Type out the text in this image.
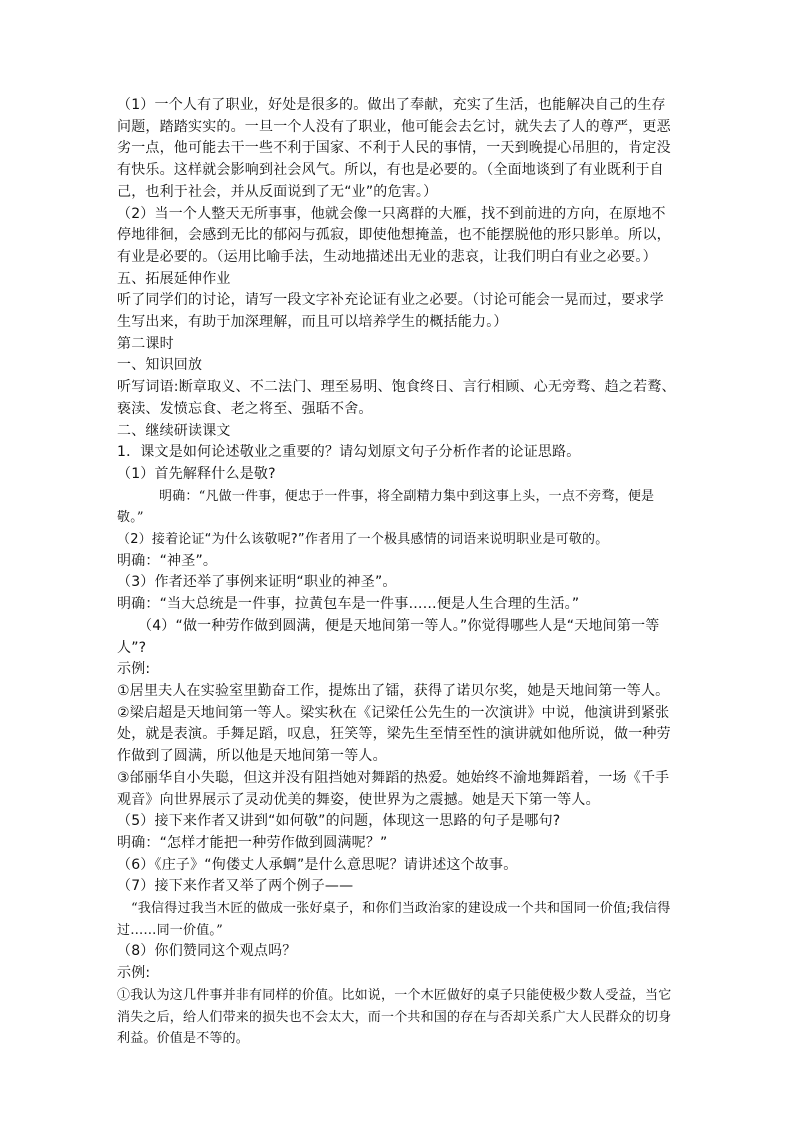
（1）一个人有了职业，好处是很多的。做出了奉献，充实了生活，也能解决自己的生存问题，踏踏实实的。一旦一个人没有了职业，他可能会去乞讨，就失去了人的尊严，更恶劣一点，他可能去干一些不利于国家、不利于人民的事情，一天到晚提心吊胆的，肯定没有快乐。这样就会影响到社会风气。所以，有也是必要的。（全面地谈到了有业既利于自己，也利于社会，并从反面说到了无“业”的危害。）

（2）当一个人整天无所事事，他就会像一只离群的大雁，找不到前进的方向，在原地不停地徘徊，会感到无比的郁闷与孤寂，即使他想掩盖，也不能摆脱他的形只影单。所以，有业是必要的。（运用比喻手法，生动地描述出无业的悲哀，让我们明白有业之必要。）

五、拓展延伸作业

听了同学们的讨论，请写一段文字补充论证有业之必要。（讨论可能会一晃而过，要求学生写出来，有助于加深理解，而且可以培养学生的概括能力。）

第二课时

一、知识回放

听写词语:断章取义、不二法门、理至易明、饱食终日、言行相顾、心无旁骛、趋之若鹜、亵渎、发愤忘食、老之将至、强聒不舍。

二、继续研读课文

1．课文是如何论述敬业之重要的？请勾划原文句子分析作者的论证思路。

（1）首先解释什么是敬?

明确：“凡做一件事，便忠于一件事，将全副精力集中到这事上头，一点不旁骛，便是敬。”

（2）接着论证“为什么该敬呢?”作者用了一个极具感情的词语来说明职业是可敬的。

明确：“神圣”。

（3）作者还举了事例来证明“职业的神圣”。

明确：“当大总统是一件事，拉黄包车是一件事……便是人生合理的生活。”

（4）“做一种劳作做到圆满，便是天地间第一等人。”你觉得哪些人是“天地间第一等人”?

示例:

①居里夫人在实验室里勤奋工作，提炼出了镭，获得了诺贝尔奖，她是天地间第一等人。

②梁启超是天地间第一等人。梁实秋在《记梁任公先生的一次演讲》中说，他演讲到紧张处，就是表演。手舞足蹈，叹息，狂笑等，梁先生至情至性的演讲就如他所说，做一种劳作做到了圆满，所以他是天地间第一等人。

③邰丽华自小失聪，但这并没有阻挡她对舞蹈的热爱。她始终不渝地舞蹈着，一场《千手观音》向世界展示了灵动优美的舞姿，使世界为之震撼。她是天下第一等人。

（5）接下来作者又讲到“如何敬”的问题，体现这一思路的句子是哪句?

明确：“怎样才能把一种劳作做到圆满呢？”

（6）《庄子》“佝偻丈人承蜩”是什么意思呢？请讲述这个故事。

（7）接下来作者又举了两个例子——

“我信得过我当木匠的做成一张好桌子，和你们当政治家的建设成一个共和国同一价值;我信得过……同一价值。”

（8）你们赞同这个观点吗？

示例:

①我认为这几件事并非有同样的价值。比如说，一个木匠做好的桌子只能使极少数人受益，当它消失之后，给人们带来的损失也不会太大，而一个共和国的存在与否却关系广大人民群众的切身利益。价值是不等的。
